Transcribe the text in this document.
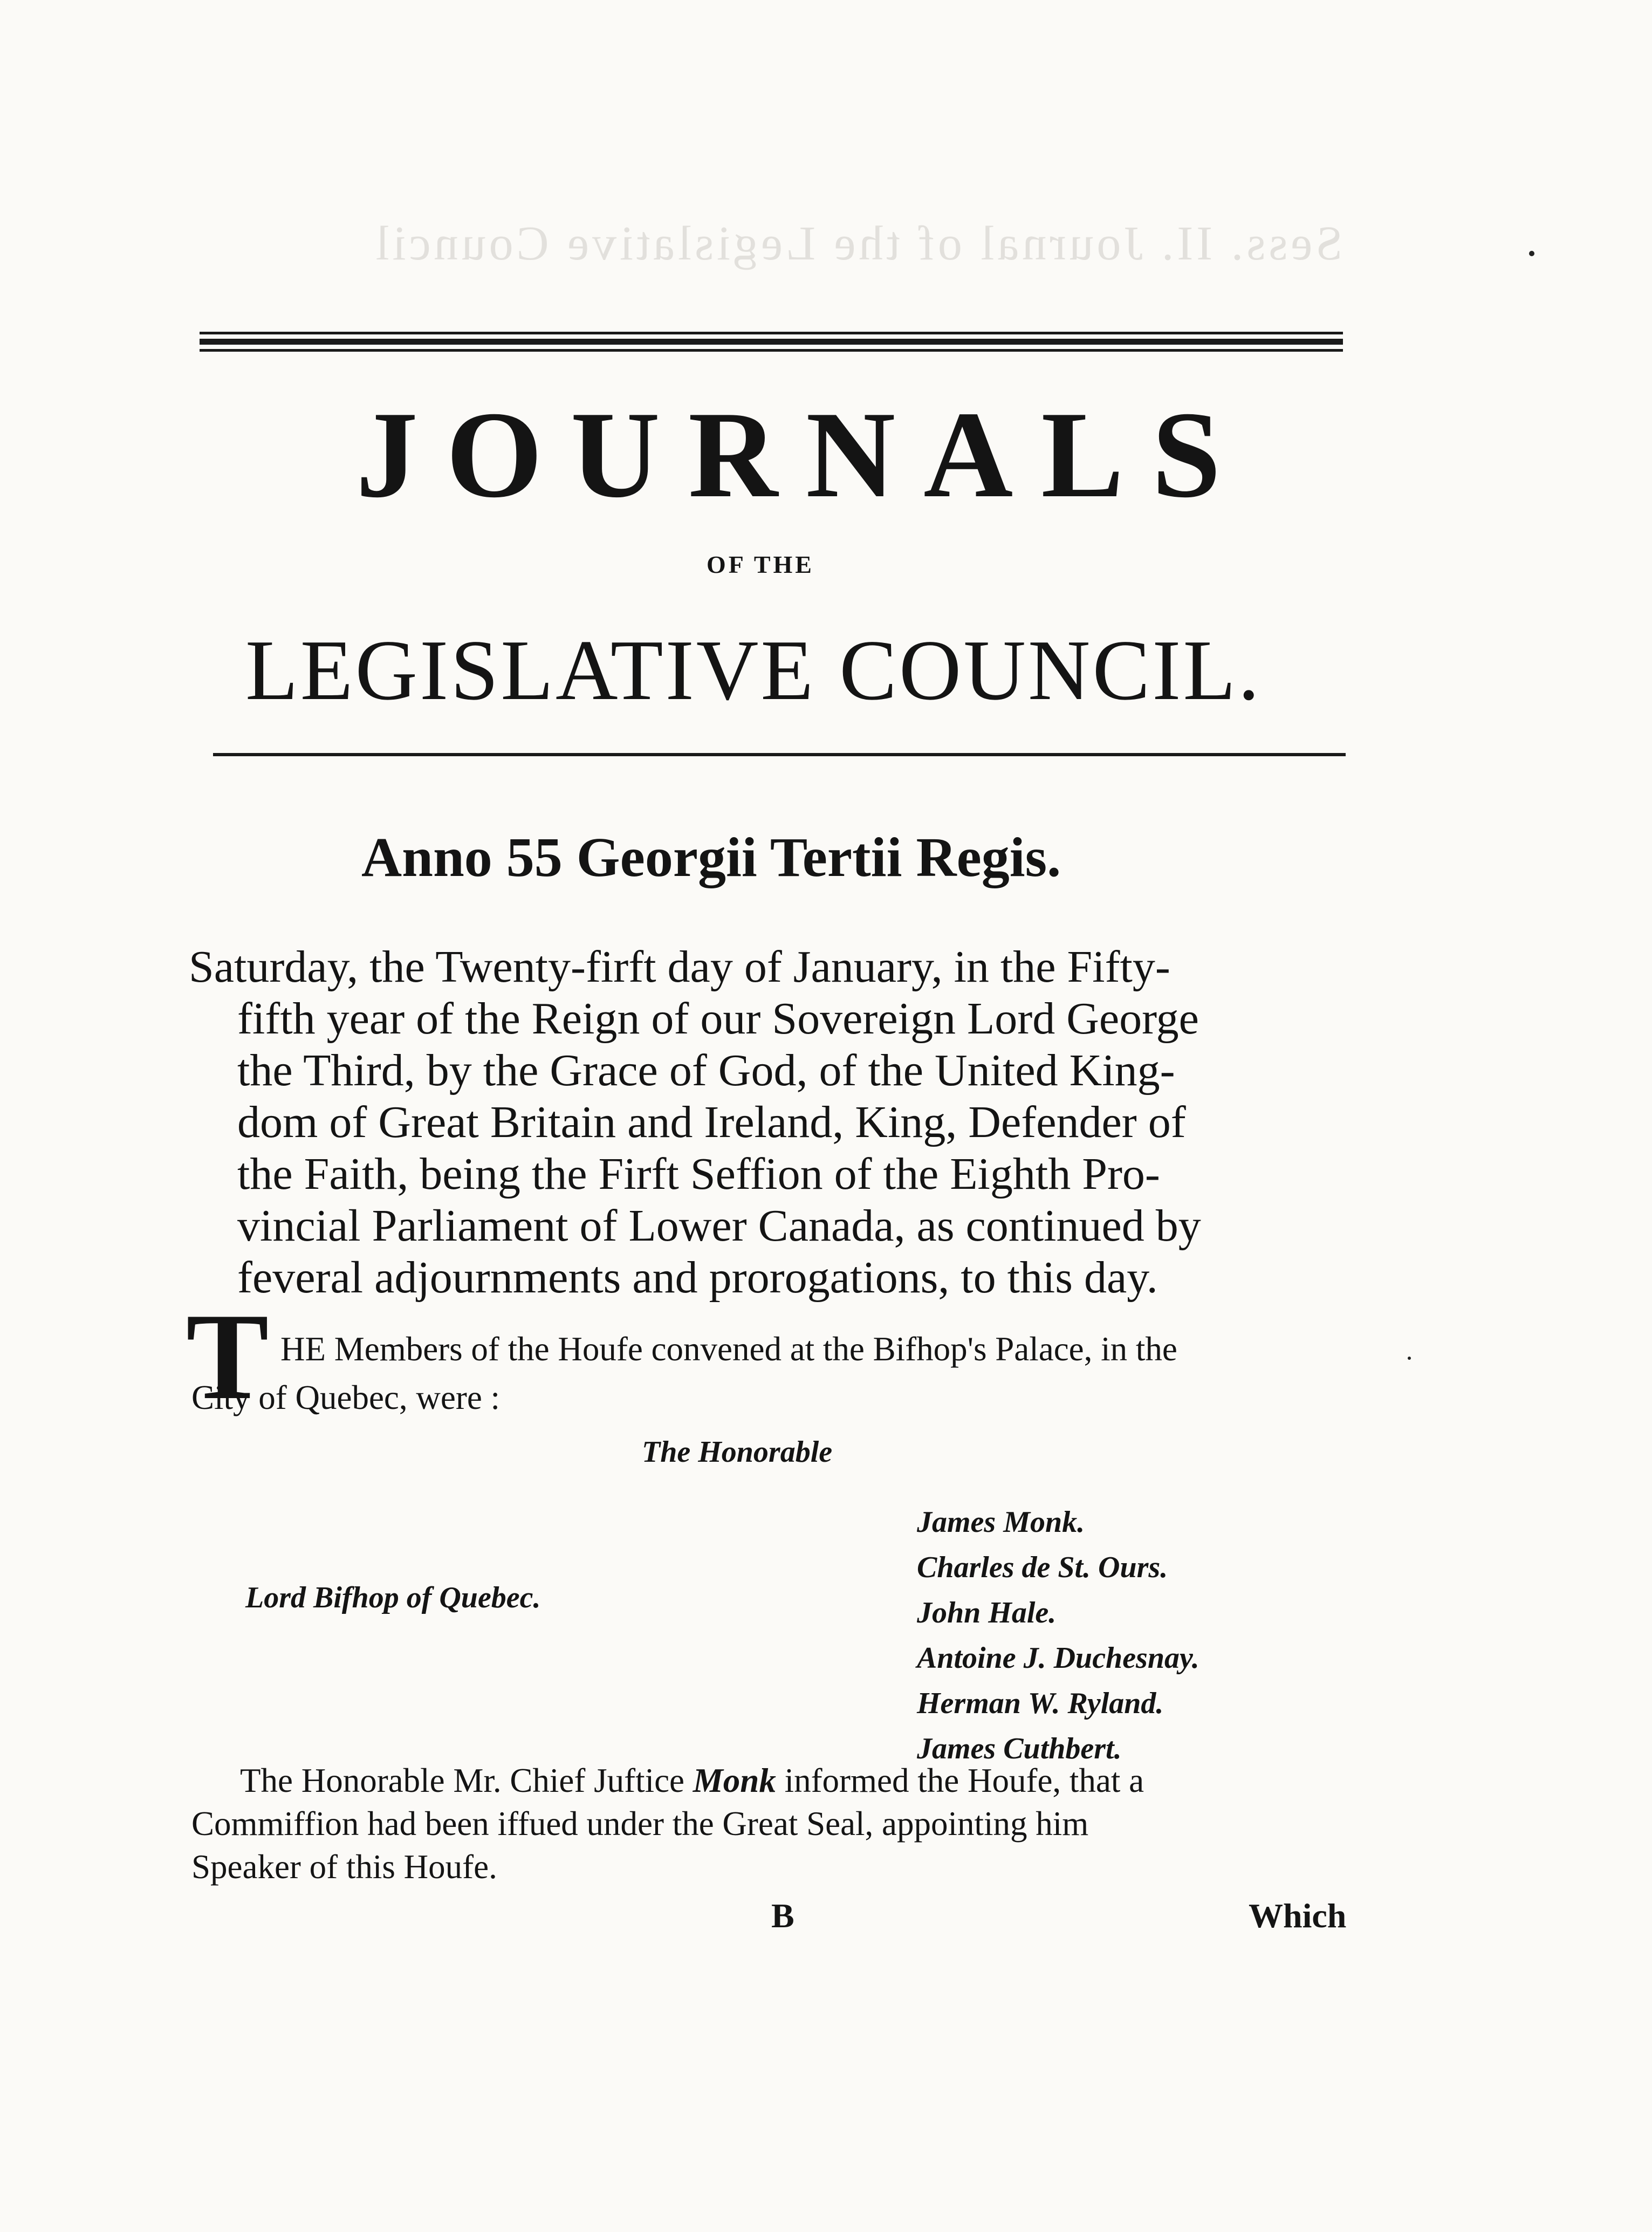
Sess. II. Journal of the Legislative Council
JOURNALS
OF THE
LEGISLATIVE COUNCIL.
Anno 55 Georgii Tertii Regis.
Saturday, the Twenty-firft day of January, in the Fifty-
fifth year of the Reign of our Sovereign Lord George
the Third, by the Grace of God, of the United King-
dom of Great Britain and Ireland, King, Defender of
the Faith, being the Firft Seffion of the Eighth Pro-
vincial Parliament of Lower Canada, as continued by
feveral adjournments and prorogations, to this day.
T HE Members of the Houfe convened at the Bifhop's Palace, in the
City of Quebec, were :
The Honorable
Lord Bifhop of Quebec.
James Monk.
Charles de St. Ours.
John Hale.
Antoine J. Duchesnay.
Herman W. Ryland.
James Cuthbert.
The Honorable Mr. Chief Juftice Monk informed the Houfe, that a
Commiffion had been iffued under the Great Seal, appointing him
Speaker of this Houfe.
B	Which
